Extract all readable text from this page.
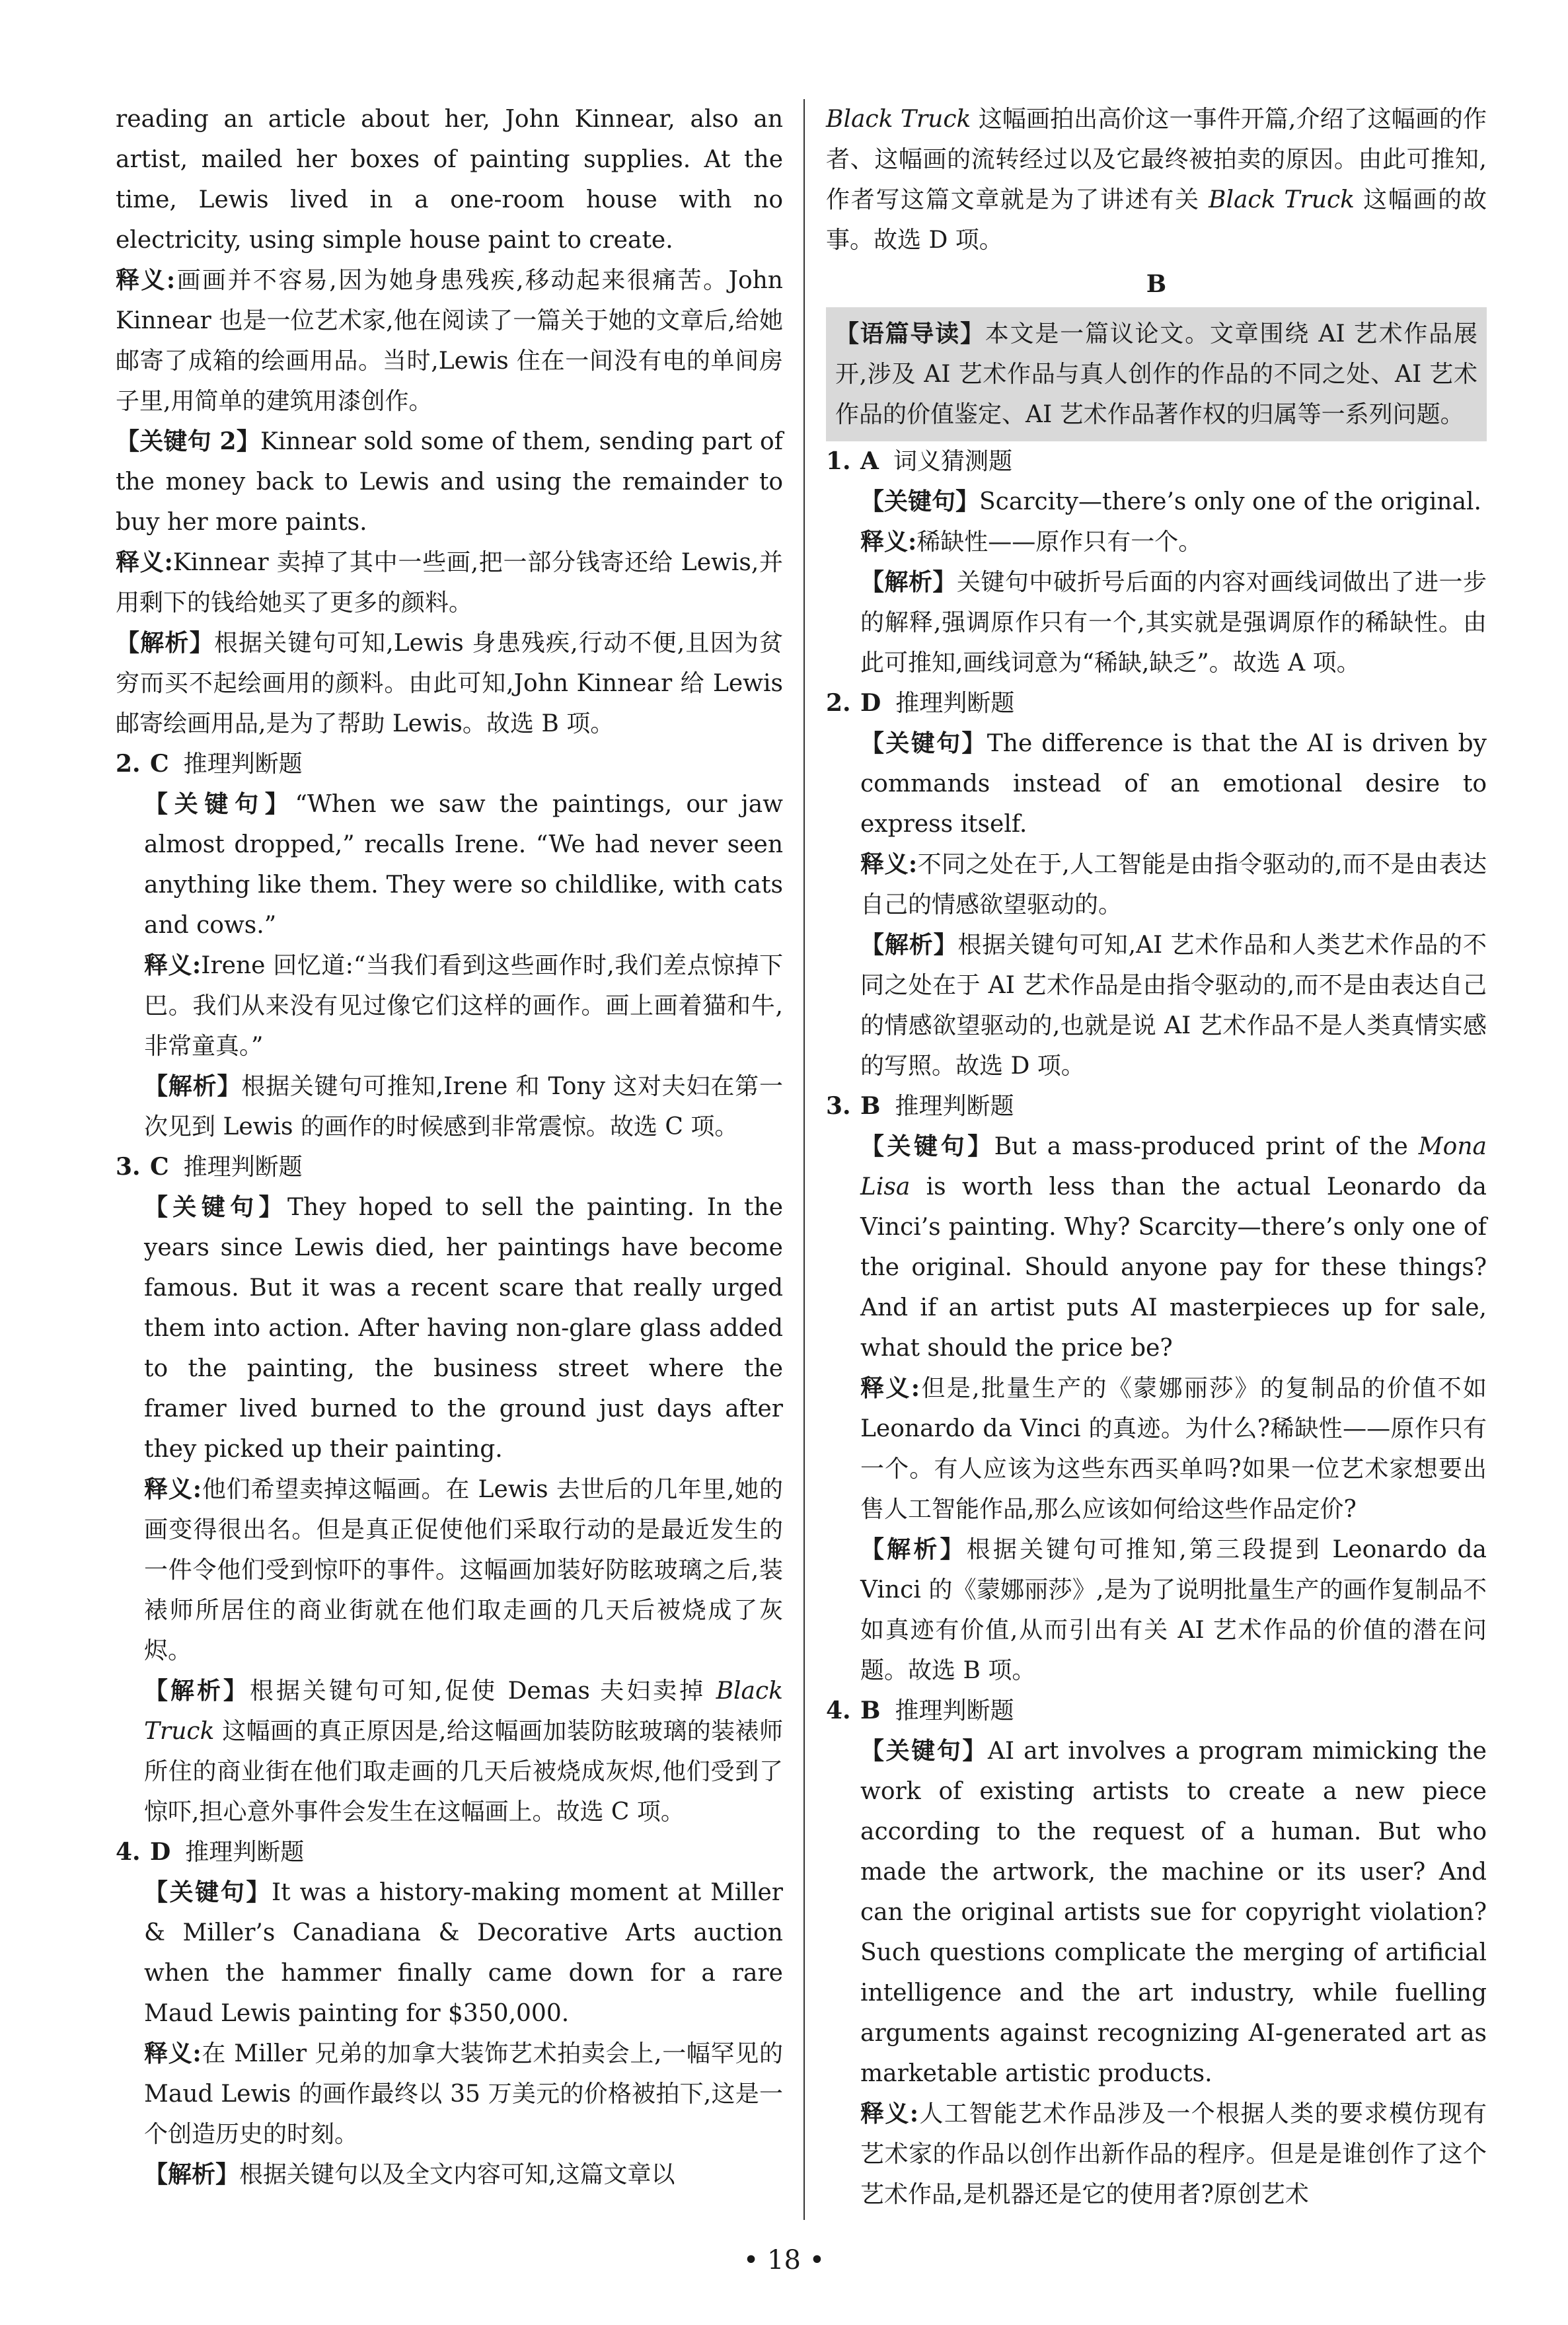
reading an article about her, John Kinnear, also an artist, mailed her boxes of painting supplies. At the time, Lewis lived in a one-room house with no electricity, using simple house paint to create.

释义:画画并不容易,因为她身患残疾,移动起来很痛苦。John Kinnear 也是一位艺术家,他在阅读了一篇关于她的文章后,给她邮寄了成箱的绘画用品。当时,Lewis 住在一间没有电的单间房子里,用简单的建筑用漆创作。

【关键句 2】Kinnear sold some of them, sending part of the money back to Lewis and using the remainder to buy her more paints.

释义:Kinnear 卖掉了其中一些画,把一部分钱寄还给 Lewis,并用剩下的钱给她买了更多的颜料。

【解析】根据关键句可知,Lewis 身患残疾,行动不便,且因为贫穷而买不起绘画用的颜料。由此可知,John Kinnear 给 Lewis 邮寄绘画用品,是为了帮助 Lewis。故选 B 项。

2. C 推理判断题

【关键句】“When we saw the paintings, our jaw almost dropped,” recalls Irene. “We had never seen anything like them. They were so childlike, with cats and cows.”

释义:Irene 回忆道:“当我们看到这些画作时,我们差点惊掉下巴。我们从来没有见过像它们这样的画作。画上画着猫和牛,非常童真。”

【解析】根据关键句可推知,Irene 和 Tony 这对夫妇在第一次见到 Lewis 的画作的时候感到非常震惊。故选 C 项。

3. C 推理判断题

【关键句】They hoped to sell the painting. In the years since Lewis died, her paintings have become famous. But it was a recent scare that really urged them into action. After having non-glare glass added to the painting, the business street where the framer lived burned to the ground just days after they picked up their painting.

释义:他们希望卖掉这幅画。在 Lewis 去世后的几年里,她的画变得很出名。但是真正促使他们采取行动的是最近发生的一件令他们受到惊吓的事件。这幅画加装好防眩玻璃之后,装裱师所居住的商业街就在他们取走画的几天后被烧成了灰烬。

【解析】根据关键句可知,促使 Demas 夫妇卖掉 Black Truck 这幅画的真正原因是,给这幅画加装防眩玻璃的装裱师所住的商业街在他们取走画的几天后被烧成灰烬,他们受到了惊吓,担心意外事件会发生在这幅画上。故选 C 项。

4. D 推理判断题

【关键句】It was a history-making moment at Miller & Miller’s Canadiana & Decorative Arts auction when the hammer finally came down for a rare Maud Lewis painting for $350,000.

释义:在 Miller 兄弟的加拿大装饰艺术拍卖会上,一幅罕见的 Maud Lewis 的画作最终以 35 万美元的价格被拍下,这是一个创造历史的时刻。

【解析】根据关键句以及全文内容可知,这篇文章以

Black Truck 这幅画拍出高价这一事件开篇,介绍了这幅画的作者、这幅画的流转经过以及它最终被拍卖的原因。由此可推知,作者写这篇文章就是为了讲述有关 Black Truck 这幅画的故事。故选 D 项。

B

【语篇导读】本文是一篇议论文。文章围绕 AI 艺术作品展开,涉及 AI 艺术作品与真人创作的作品的不同之处、AI 艺术作品的价值鉴定、AI 艺术作品著作权的归属等一系列问题。

1. A 词义猜测题

【关键句】Scarcity—there’s only one of the original.

释义:稀缺性——原作只有一个。

【解析】关键句中破折号后面的内容对画线词做出了进一步的解释,强调原作只有一个,其实就是强调原作的稀缺性。由此可推知,画线词意为“稀缺,缺乏”。故选 A 项。

2. D 推理判断题

【关键句】The difference is that the AI is driven by commands instead of an emotional desire to express itself.

释义:不同之处在于,人工智能是由指令驱动的,而不是由表达自己的情感欲望驱动的。

【解析】根据关键句可知,AI 艺术作品和人类艺术作品的不同之处在于 AI 艺术作品是由指令驱动的,而不是由表达自己的情感欲望驱动的,也就是说 AI 艺术作品不是人类真情实感的写照。故选 D 项。

3. B 推理判断题

【关键句】But a mass-produced print of the Mona Lisa is worth less than the actual Leonardo da Vinci’s painting. Why? Scarcity—there’s only one of the original. Should anyone pay for these things? And if an artist puts AI masterpieces up for sale, what should the price be?

释义:但是,批量生产的《蒙娜丽莎》的复制品的价值不如 Leonardo da Vinci 的真迹。为什么?稀缺性——原作只有一个。有人应该为这些东西买单吗?如果一位艺术家想要出售人工智能作品,那么应该如何给这些作品定价?

【解析】根据关键句可推知,第三段提到 Leonardo da Vinci 的《蒙娜丽莎》,是为了说明批量生产的画作复制品不如真迹有价值,从而引出有关 AI 艺术作品的价值的潜在问题。故选 B 项。

4. B 推理判断题

【关键句】AI art involves a program mimicking the work of existing artists to create a new piece according to the request of a human. But who made the artwork, the machine or its user? And can the original artists sue for copyright violation? Such questions complicate the merging of artificial intelligence and the art industry, while fuelling arguments against recognizing AI-generated art as marketable artistic products.

释义:人工智能艺术作品涉及一个根据人类的要求模仿现有艺术家的作品以创作出新作品的程序。但是是谁创作了这个艺术作品,是机器还是它的使用者?原创艺术

• 18 •
